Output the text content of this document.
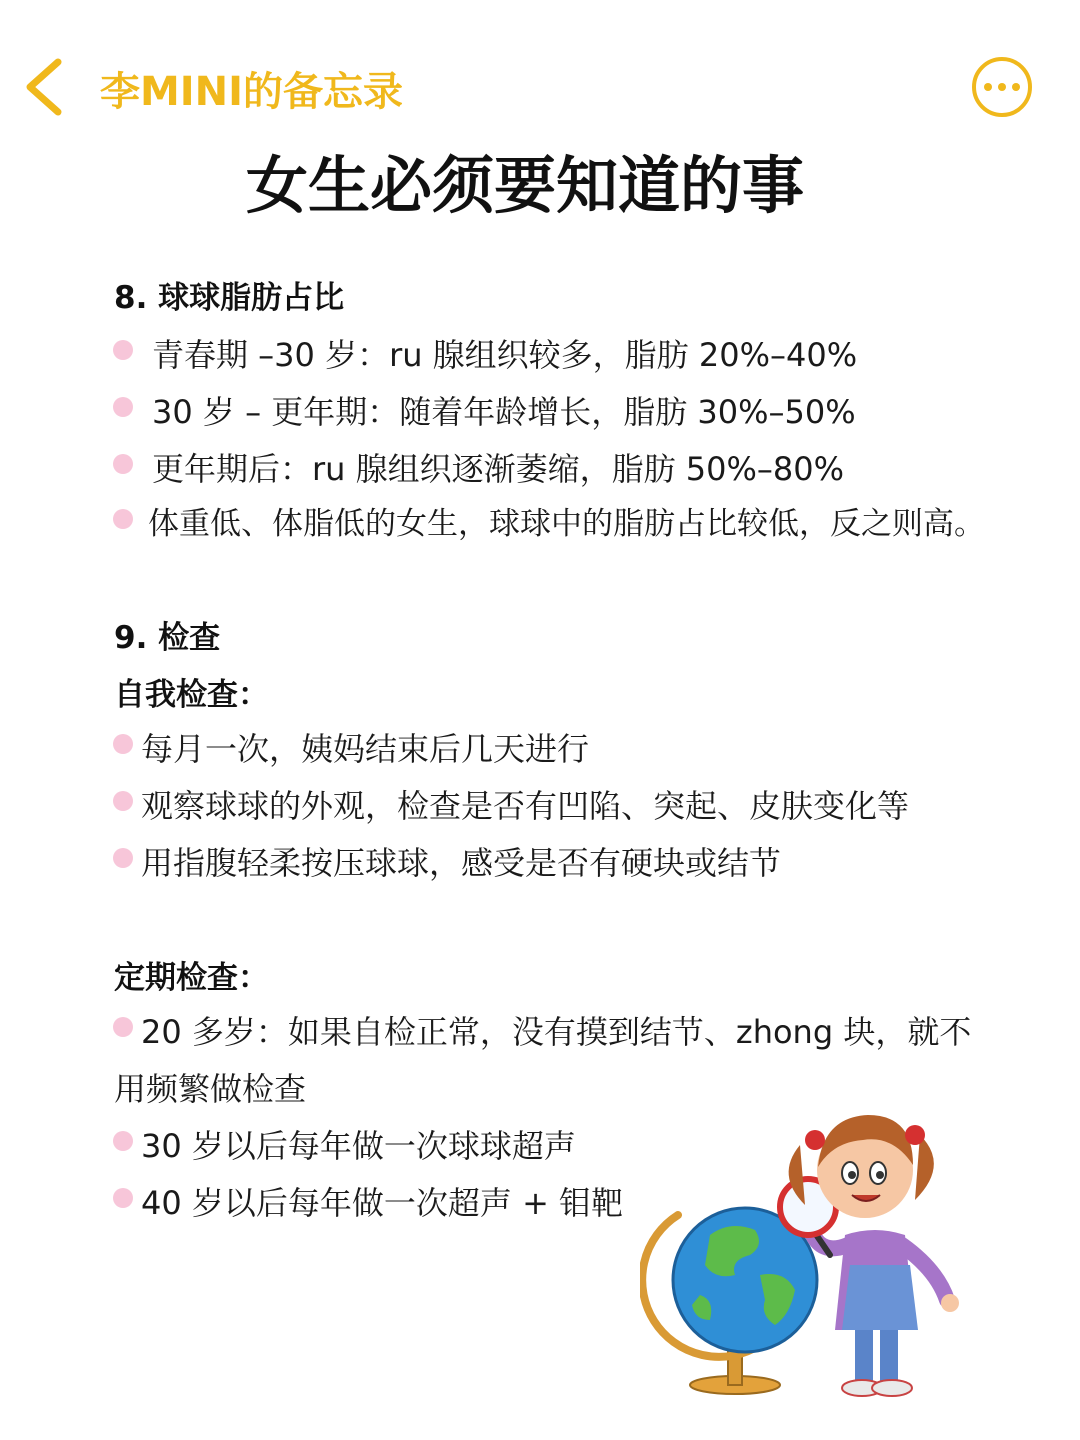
李MINI的备忘录
女生必须要知道的事
8. 球球脂肪占比
青春期 –30 岁：ru 腺组织较多，脂肪 20%–40%
30 岁 – 更年期：随着年龄增长，脂肪 30%–50%
更年期后：ru 腺组织逐渐萎缩，脂肪 50%–80%
体重低、体脂低的女生，球球中的脂肪占比较低，反之则高。
9. 检查
自我检查：
每月一次，姨妈结束后几天进行
观察球球的外观，检查是否有凹陷、突起、皮肤变化等
用指腹轻柔按压球球，感受是否有硬块或结节
定期检查：
20 多岁：如果自检正常，没有摸到结节、zhong 块，就不
用频繁做检查
30 岁以后每年做一次球球超声
40 岁以后每年做一次超声 + 钼靶
